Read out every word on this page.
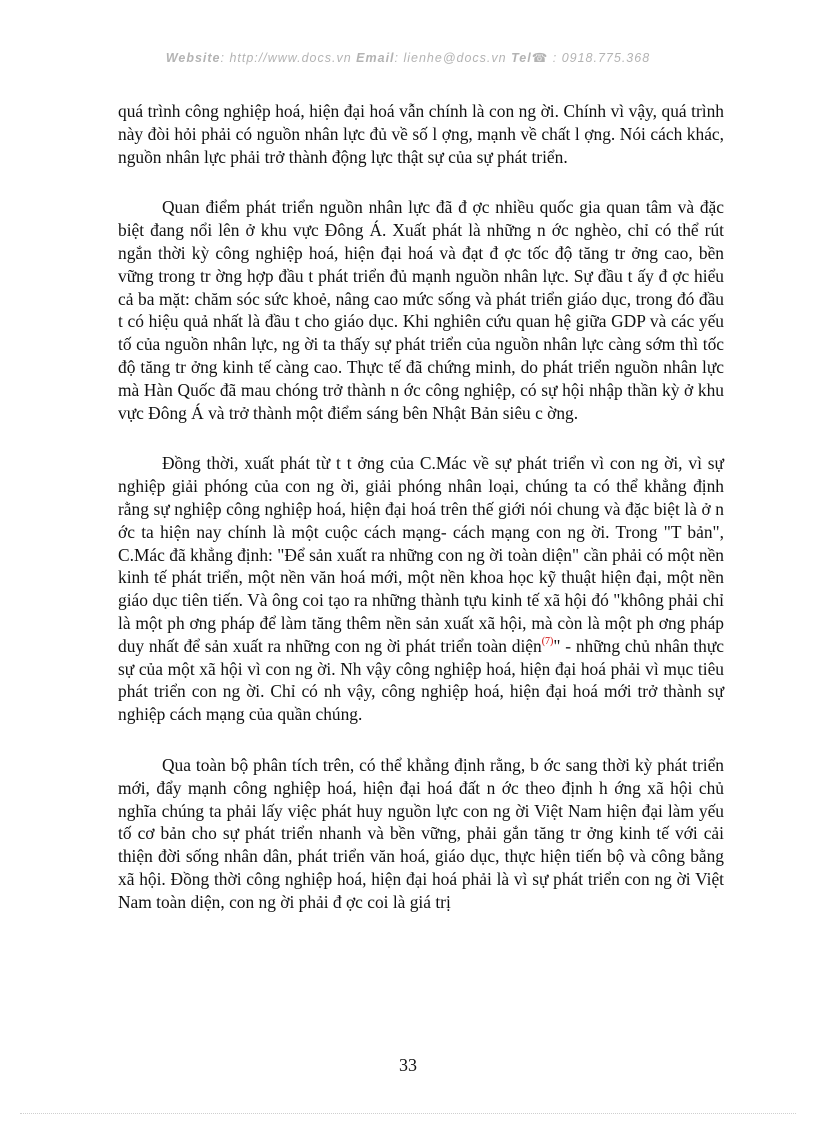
Website: http://www.docs.vn Email: lienhe@docs.vn Tel☎ : 0918.775.368

quá trình công nghiệp hoá, hiện đại hoá vẫn chính là con ng ời. Chính vì vậy, quá trình này đòi hỏi phải có nguồn nhân lực đủ về số l ợng, mạnh về chất l ợng. Nói cách khác, nguồn nhân lực phải trở thành động lực thật sự của sự phát triển.

Quan điểm phát triển nguồn nhân lực đã đ ợc nhiều quốc gia quan tâm và đặc biệt đang nổi lên ở khu vực Đông Á. Xuất phát là những n ớc nghèo, chỉ có thể rút ngắn thời kỳ công nghiệp hoá, hiện đại hoá và đạt đ ợc tốc độ tăng tr ởng cao, bền vững trong tr ờng hợp đầu t phát triển đủ mạnh nguồn nhân lực. Sự đầu t ấy đ ợc hiểu cả ba mặt: chăm sóc sức khoẻ, nâng cao mức sống và phát triển giáo dục, trong đó đầu t có hiệu quả nhất là đầu t cho giáo dục. Khi nghiên cứu quan hệ giữa GDP và các yếu tố của nguồn nhân lực, ng ời ta thấy sự phát triển của nguồn nhân lực càng sớm thì tốc độ tăng tr ởng kinh tế càng cao. Thực tế đã chứng minh, do phát triển nguồn nhân lực mà Hàn Quốc đã mau chóng trở thành n ớc công nghiệp, có sự hội nhập thần kỳ ở khu vực Đông Á và trở thành một điểm sáng bên Nhật Bản siêu c ờng.

Đồng thời, xuất phát từ t t ởng của C.Mác về sự phát triển vì con ng ời, vì sự nghiệp giải phóng của con ng ời, giải phóng nhân loại, chúng ta có thể khẳng định rằng sự nghiệp công nghiệp hoá, hiện đại hoá trên thế giới nói chung và đặc biệt là ở n ớc ta hiện nay chính là một cuộc cách mạng- cách mạng con ng ời. Trong "T bản", C.Mác đã khẳng định: "Để sản xuất ra những con ng ời toàn diện" cần phải có một nền kinh tế phát triển, một nền văn hoá mới, một nền khoa học kỹ thuật hiện đại, một nền giáo dục tiên tiến. Và ông coi tạo ra những thành tựu kinh tế xã hội đó "không phải chỉ là một ph ơng pháp để làm tăng thêm nền sản xuất xã hội, mà còn là một ph ơng pháp duy nhất để sản xuất ra những con ng ời phát triển toàn diện$^{(7)}$" - những chủ nhân thực sự của một xã hội vì con ng ời. Nh vậy công nghiệp hoá, hiện đại hoá phải vì mục tiêu phát triển con ng ời. Chỉ có nh vậy, công nghiệp hoá, hiện đại hoá mới trở thành sự nghiệp cách mạng của quần chúng.

Qua toàn bộ phân tích trên, có thể khẳng định rằng, b ớc sang thời kỳ phát triển mới, đẩy mạnh công nghiệp hoá, hiện đại hoá đất n ớc theo định h ớng xã hội chủ nghĩa chúng ta phải lấy việc phát huy nguồn lực con ng ời Việt Nam hiện đại làm yếu tố cơ bản cho sự phát triển nhanh và bền vững, phải gắn tăng tr ởng kinh tế với cải thiện đời sống nhân dân, phát triển văn hoá, giáo dục, thực hiện tiến bộ và công bằng xã hội. Đồng thời công nghiệp hoá, hiện đại hoá phải là vì sự phát triển con ng ời Việt Nam toàn diện, con ng ời phải đ ợc coi là giá trị

33
